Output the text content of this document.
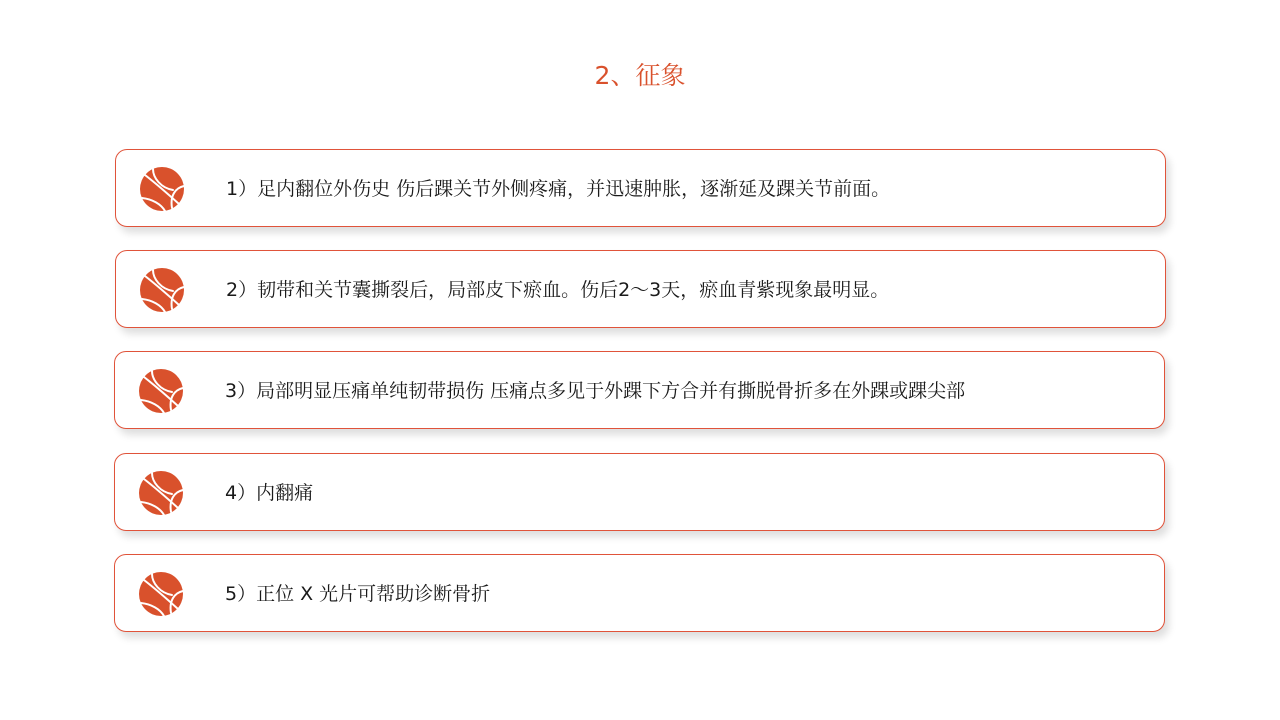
2、征象
1）足内翻位外伤史 伤后踝关节外侧疼痛，并迅速肿胀，逐渐延及踝关节前面。
2）韧带和关节囊撕裂后，局部皮下瘀血。伤后2～3天，瘀血青紫现象最明显。
3）局部明显压痛单纯韧带损伤 压痛点多见于外踝下方合并有撕脱骨折多在外踝或踝尖部
4）内翻痛
5）正位 X 光片可帮助诊断骨折
